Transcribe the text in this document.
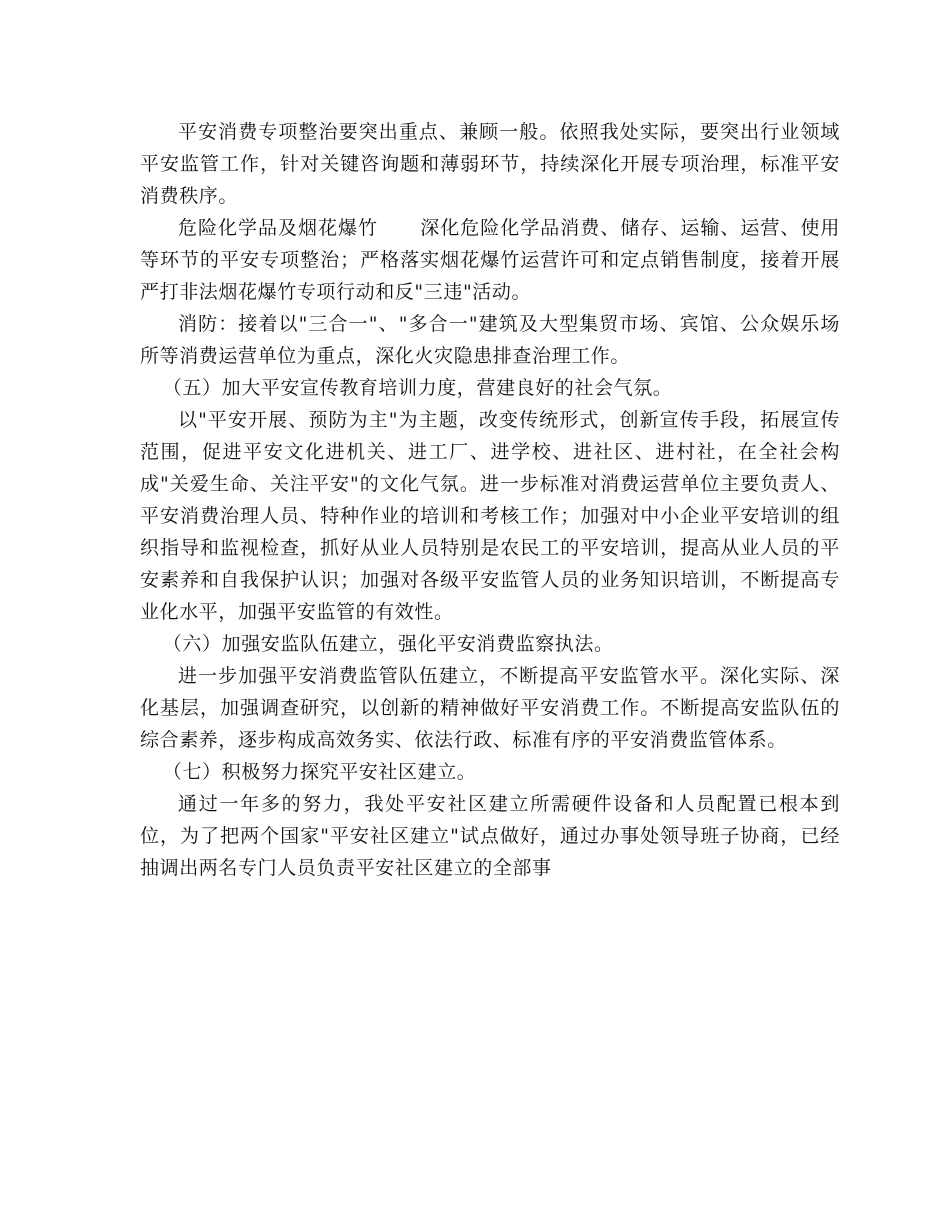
平安消费专项整治要突出重点、兼顾一般。依照我处实际，要突出行业领域平安监管工作，针对关键咨询题和薄弱环节，持续深化开展专项治理，标准平安消费秩序。

危险化学品及烟花爆竹 深化危险化学品消费、储存、运输、运营、使用等环节的平安专项整治；严格落实烟花爆竹运营许可和定点销售制度，接着开展严打非法烟花爆竹专项行动和反"三违"活动。

消防：接着以"三合一"、"多合一"建筑及大型集贸市场、宾馆、公众娱乐场所等消费运营单位为重点，深化火灾隐患排查治理工作。

（五）加大平安宣传教育培训力度，营建良好的社会气氛。

以"平安开展、预防为主"为主题，改变传统形式，创新宣传手段，拓展宣传范围，促进平安文化进机关、进工厂、进学校、进社区、进村社，在全社会构成"关爱生命、关注平安"的文化气氛。进一步标准对消费运营单位主要负责人、平安消费治理人员、特种作业的培训和考核工作；加强对中小企业平安培训的组织指导和监视检查，抓好从业人员特别是农民工的平安培训，提高从业人员的平安素养和自我保护认识；加强对各级平安监管人员的业务知识培训，不断提高专业化水平，加强平安监管的有效性。

（六）加强安监队伍建立，强化平安消费监察执法。

进一步加强平安消费监管队伍建立，不断提高平安监管水平。深化实际、深化基层，加强调查研究，以创新的精神做好平安消费工作。不断提高安监队伍的综合素养，逐步构成高效务实、依法行政、标准有序的平安消费监管体系。

（七）积极努力探究平安社区建立。

通过一年多的努力，我处平安社区建立所需硬件设备和人员配置已根本到位，为了把两个国家"平安社区建立"试点做好，通过办事处领导班子协商，已经抽调出两名专门人员负责平安社区建立的全部事
